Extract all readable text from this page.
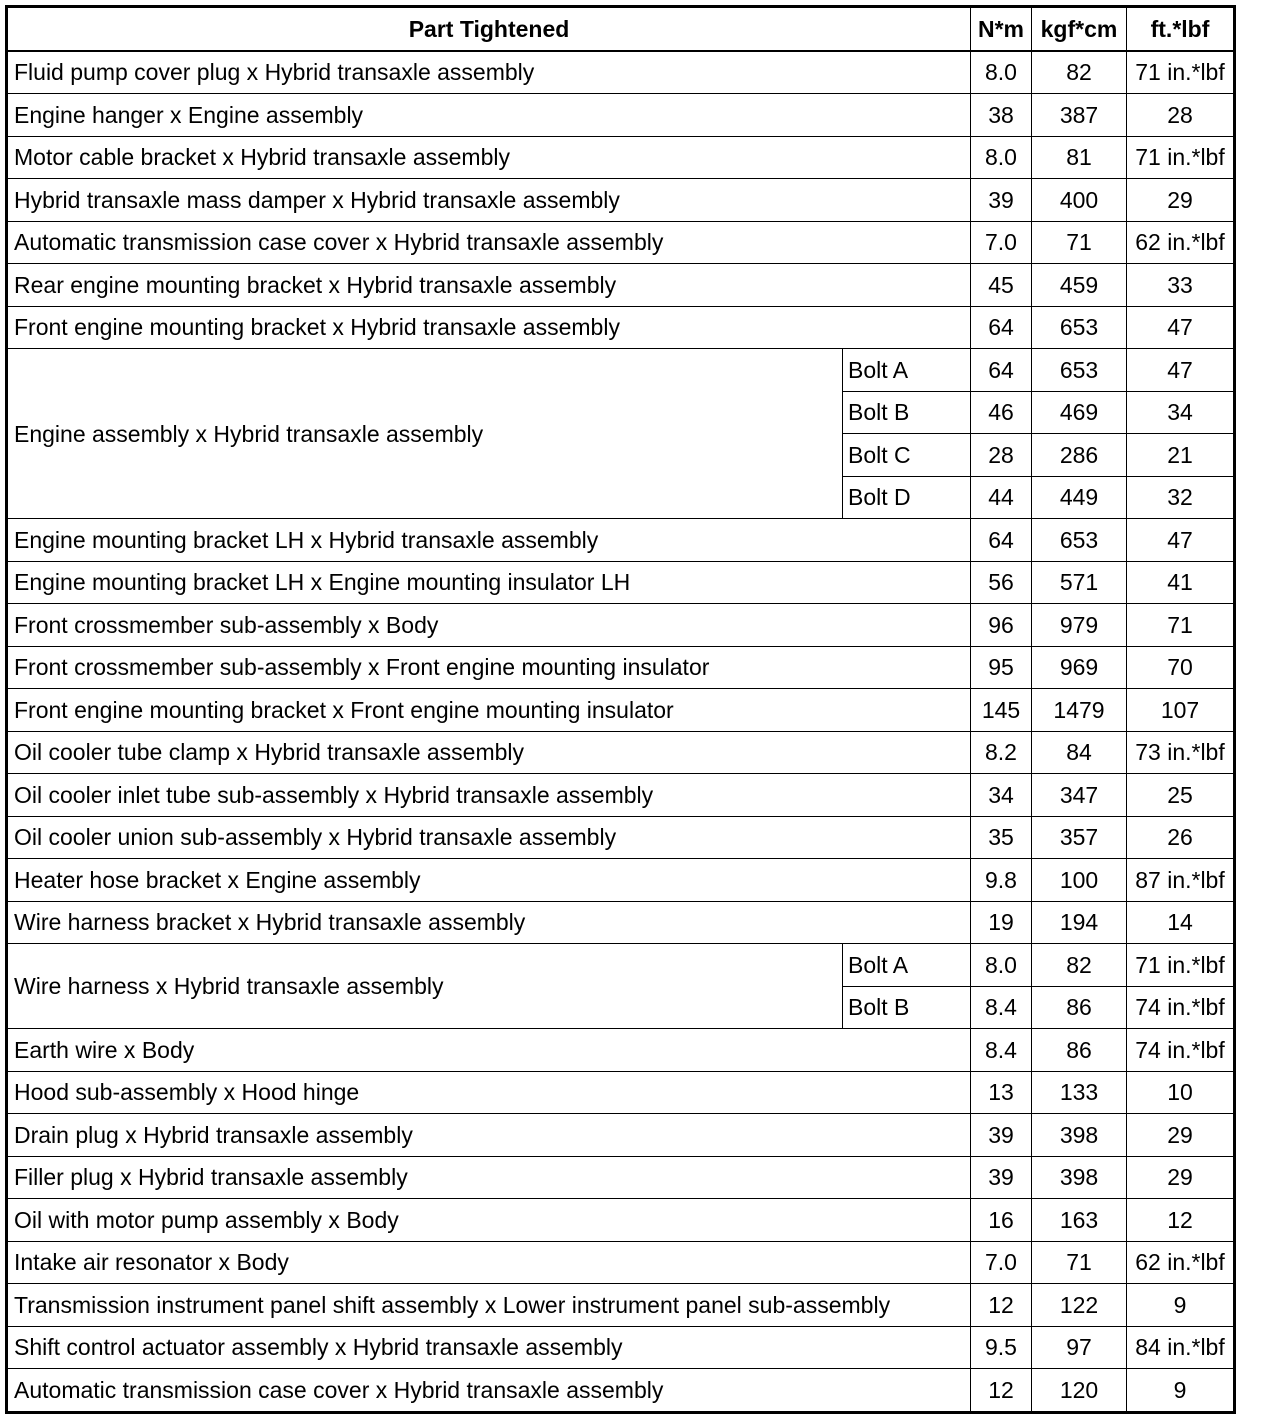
Part Tightened		N*m	kgf*cm	ft.*lbf
Fluid pump cover plug x Hybrid transaxle assembly		8.0	82	71 in.*lbf
Engine hanger x Engine assembly		38	387	28
Motor cable bracket x Hybrid transaxle assembly		8.0	81	71 in.*lbf
Hybrid transaxle mass damper x Hybrid transaxle assembly		39	400	29
Automatic transmission case cover x Hybrid transaxle assembly		7.0	71	62 in.*lbf
Rear engine mounting bracket x Hybrid transaxle assembly		45	459	33
Front engine mounting bracket x Hybrid transaxle assembly		64	653	47
Engine assembly x Hybrid transaxle assembly	Bolt A	64	653	47
	Bolt B	46	469	34
	Bolt C	28	286	21
	Bolt D	44	449	32
Engine mounting bracket LH x Hybrid transaxle assembly		64	653	47
Engine mounting bracket LH x Engine mounting insulator LH		56	571	41
Front crossmember sub-assembly x Body		96	979	71
Front crossmember sub-assembly x Front engine mounting insulator		95	969	70
Front engine mounting bracket x Front engine mounting insulator		145	1479	107
Oil cooler tube clamp x Hybrid transaxle assembly		8.2	84	73 in.*lbf
Oil cooler inlet tube sub-assembly x Hybrid transaxle assembly		34	347	25
Oil cooler union sub-assembly x Hybrid transaxle assembly		35	357	26
Heater hose bracket x Engine assembly		9.8	100	87 in.*lbf
Wire harness bracket x Hybrid transaxle assembly		19	194	14
Wire harness x Hybrid transaxle assembly	Bolt A	8.0	82	71 in.*lbf
	Bolt B	8.4	86	74 in.*lbf
Earth wire x Body		8.4	86	74 in.*lbf
Hood sub-assembly x Hood hinge		13	133	10
Drain plug x Hybrid transaxle assembly		39	398	29
Filler plug x Hybrid transaxle assembly		39	398	29
Oil with motor pump assembly x Body		16	163	12
Intake air resonator x Body		7.0	71	62 in.*lbf
Transmission instrument panel shift assembly x Lower instrument panel sub-assembly		12	122	9
Shift control actuator assembly x Hybrid transaxle assembly		9.5	97	84 in.*lbf
Automatic transmission case cover x Hybrid transaxle assembly		12	120	9
